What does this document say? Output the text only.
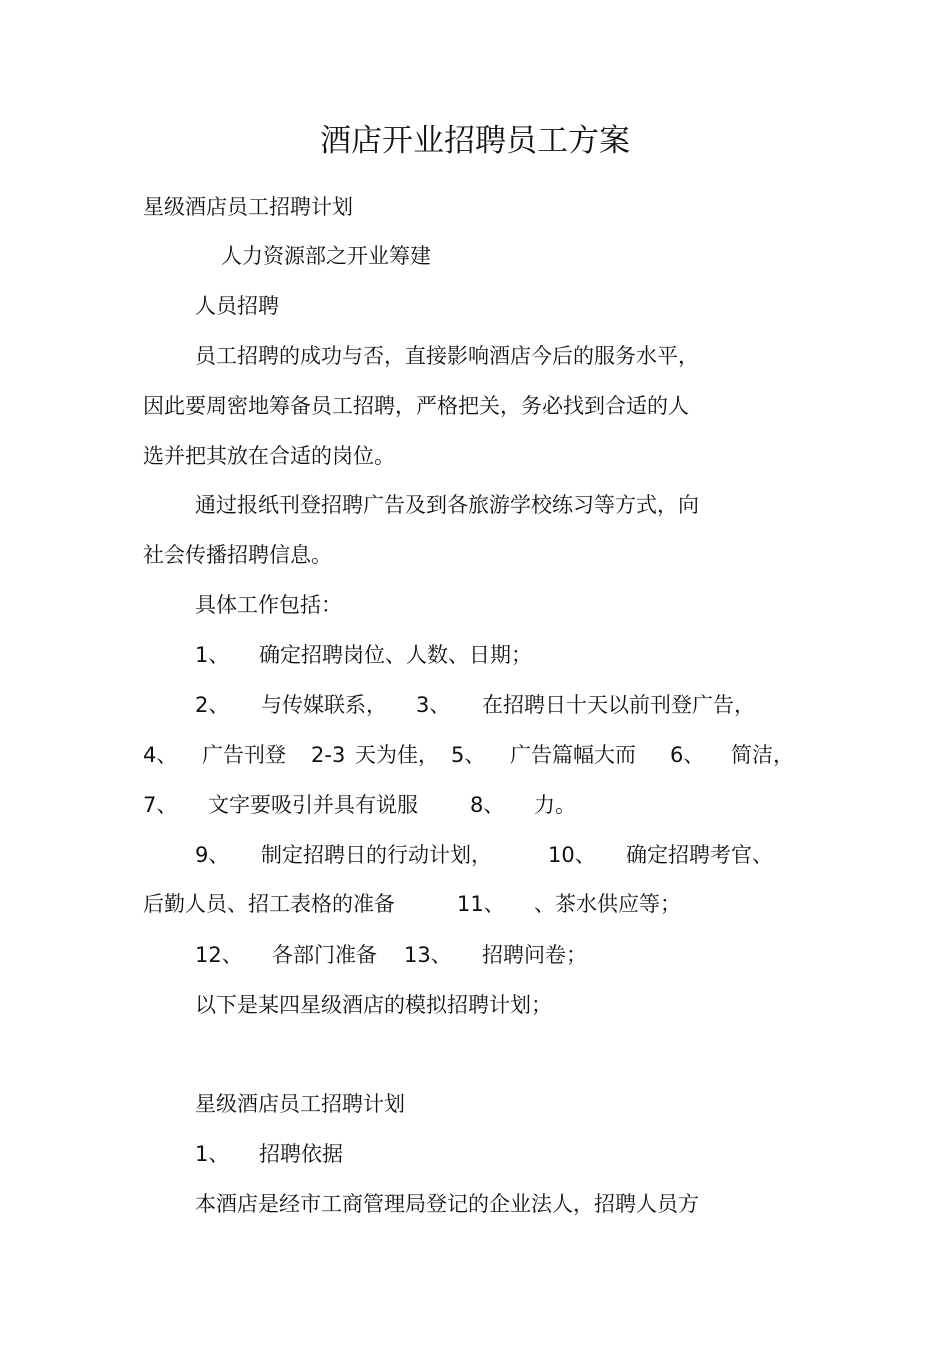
酒店开业招聘员工方案
星级酒店员工招聘计划
人力资源部之开业筹建
人员招聘
员工招聘的成功与否，直接影响酒店今后的服务水平，
因此要周密地筹备员工招聘，严格把关，务必找到合适的人
选并把其放在合适的岗位。
通过报纸刊登招聘广告及到各旅游学校练习等方式，向
社会传播招聘信息。
具体工作包括：

1、

确定招聘岗位、人数、日期；

2、

与传媒联系，

3、

在招聘日十天以前刊登广告，

4、

广告刊登

2-3

天为佳，

5、

广告篇幅大而

6、

简洁，

7、

文字要吸引并具有说服

8、

力。

9、

制定招聘日的行动计划，

	10、

确定招聘考官、

后勤人员、招工表格的准备

	11、

、茶水供应等；

12、

各部门准备

13、

招聘问卷；

以下是某四星级酒店的模拟招聘计划；
星级酒店员工招聘计划

1、

招聘依据

本酒店是经市工商管理局登记的企业法人，招聘人员方
